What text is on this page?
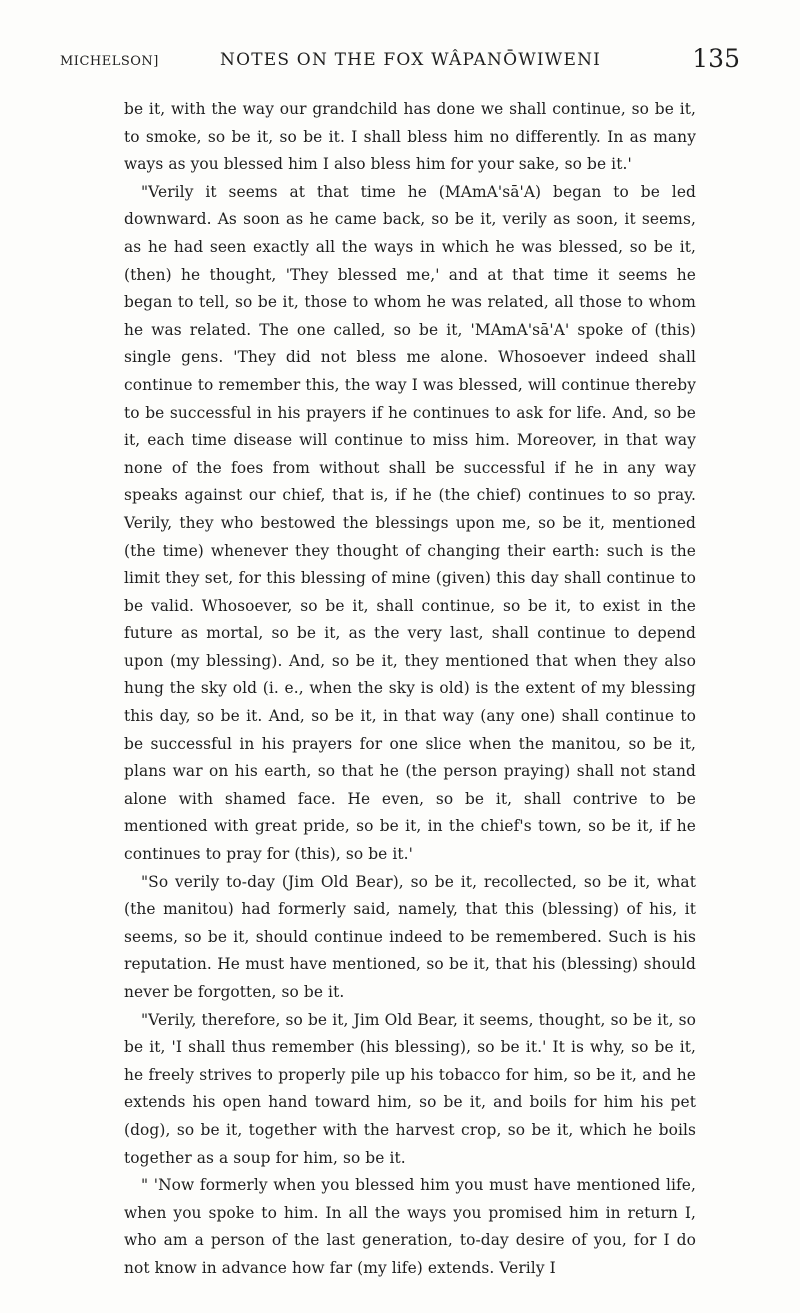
MICHELSON]	NOTES ON THE FOX WÂPANŌWIWENI	135

be it, with the way our grandchild has done we shall continue, so be it, to smoke, so be it, so be it. I shall bless him no differently. In as many ways as you blessed him I also bless him for your sake, so be it.'

"Verily it seems at that time he (MAmA'sā'A) began to be led downward. As soon as he came back, so be it, verily as soon, it seems, as he had seen exactly all the ways in which he was blessed, so be it, (then) he thought, 'They blessed me,' and at that time it seems he began to tell, so be it, those to whom he was related, all those to whom he was related. The one called, so be it, 'MAmA'sā'A' spoke of (this) single gens. 'They did not bless me alone. Whosoever indeed shall continue to remember this, the way I was blessed, will continue thereby to be successful in his prayers if he continues to ask for life. And, so be it, each time disease will continue to miss him. Moreover, in that way none of the foes from without shall be successful if he in any way speaks against our chief, that is, if he (the chief) continues to so pray. Verily, they who bestowed the blessings upon me, so be it, mentioned (the time) whenever they thought of changing their earth: such is the limit they set, for this blessing of mine (given) this day shall continue to be valid. Whosoever, so be it, shall continue, so be it, to exist in the future as mortal, so be it, as the very last, shall continue to depend upon (my blessing). And, so be it, they mentioned that when they also hung the sky old (i. e., when the sky is old) is the extent of my blessing this day, so be it. And, so be it, in that way (any one) shall continue to be successful in his prayers for one slice when the manitou, so be it, plans war on his earth, so that he (the person praying) shall not stand alone with shamed face. He even, so be it, shall contrive to be mentioned with great pride, so be it, in the chief's town, so be it, if he continues to pray for (this), so be it.'

"So verily to-day (Jim Old Bear), so be it, recollected, so be it, what (the manitou) had formerly said, namely, that this (blessing) of his, it seems, so be it, should continue indeed to be remembered. Such is his reputation. He must have mentioned, so be it, that his (blessing) should never be forgotten, so be it.

"Verily, therefore, so be it, Jim Old Bear, it seems, thought, so be it, so be it, 'I shall thus remember (his blessing), so be it.' It is why, so be it, he freely strives to properly pile up his tobacco for him, so be it, and he extends his open hand toward him, so be it, and boils for him his pet (dog), so be it, together with the harvest crop, so be it, which he boils together as a soup for him, so be it.

" 'Now formerly when you blessed him you must have mentioned life, when you spoke to him. In all the ways you promised him in return I, who am a person of the last generation, to-day desire of you, for I do not know in advance how far (my life) extends. Verily I
